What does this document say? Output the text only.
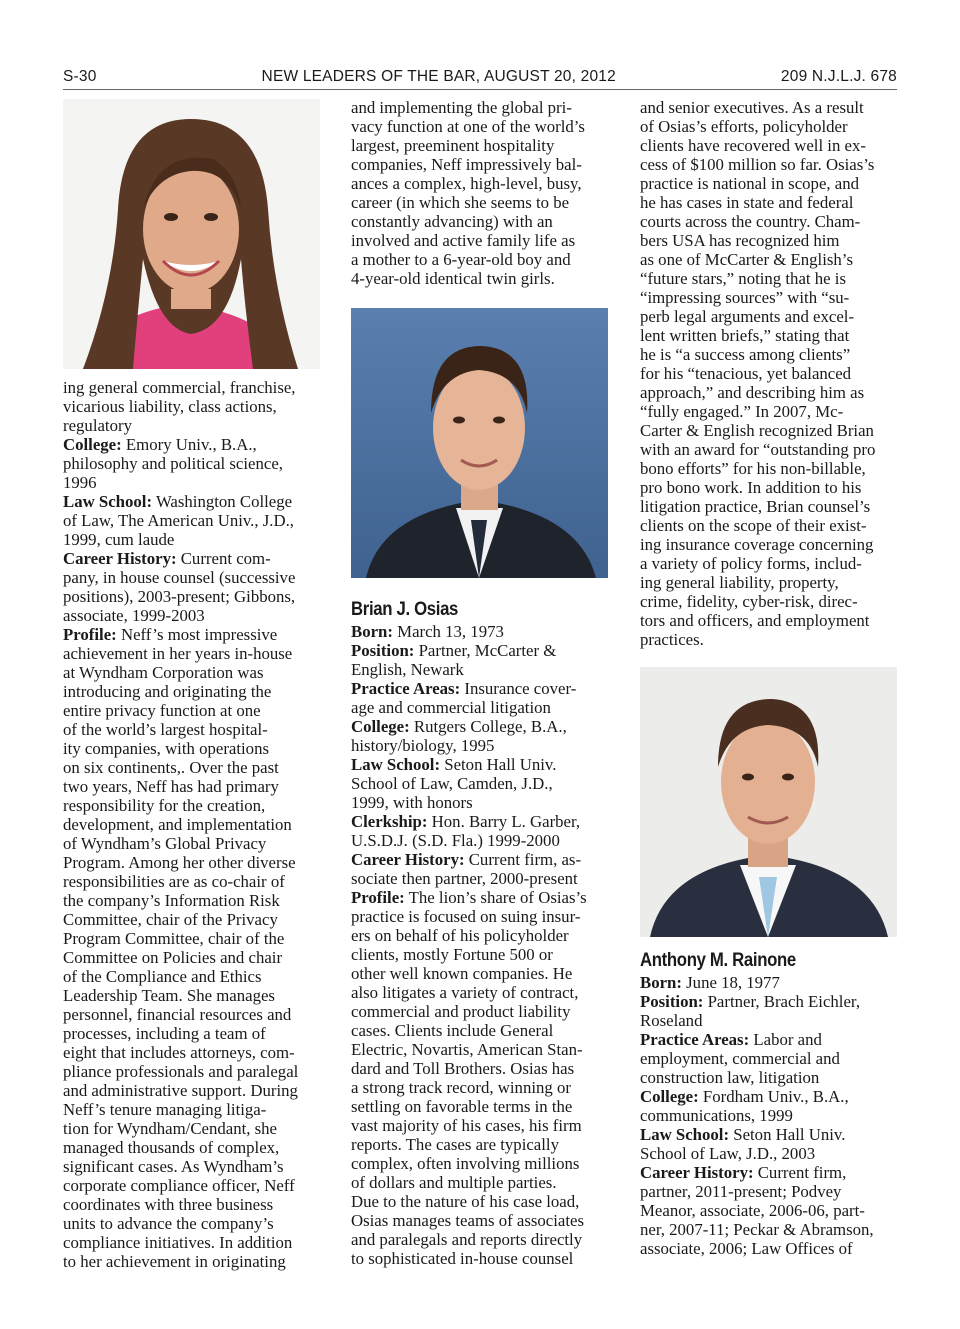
S-30	NEW LEADERS OF THE BAR, AUGUST 20, 2012	209 N.J.L.J. 678
ing general commercial, franchise,
vicarious liability, class actions,
regulatory
College: Emory Univ., B.A.,
philosophy and political science,
1996
Law School: Washington College
of Law, The American Univ., J.D.,
1999, cum laude
Career History: Current com-
pany, in house counsel (successive
positions), 2003-present; Gibbons,
associate, 1999-2003
Profile: Neff’s most impressive
achievement in her years in-house
at Wyndham Corporation was
introducing and originating the
entire privacy function at one
of the world’s largest hospital-
ity companies, with operations
on six continents,. Over the past
two years, Neff has had primary
responsibility for the creation,
development, and implementation
of Wyndham’s Global Privacy
Program. Among her other diverse
responsibilities are as co-chair of
the company’s Information Risk
Committee, chair of the Privacy
Program Committee, chair of the
Committee on Policies and chair
of the Compliance and Ethics
Leadership Team. She manages
personnel, financial resources and
processes, including a team of
eight that includes attorneys, com-
pliance professionals and paralegal
and administrative support. During
Neff’s tenure managing litiga-
tion for Wyndham/Cendant, she
managed thousands of complex,
significant cases. As Wyndham’s
corporate compliance officer, Neff
coordinates with three business
units to advance the company’s
compliance initiatives. In addition
to her achievement in originating
and implementing the global pri-
vacy function at one of the world’s
largest, preeminent hospitality
companies, Neff impressively bal-
ances a complex, high-level, busy,
career (in which she seems to be
constantly advancing) with an
involved and active family life as
a mother to a 6-year-old boy and
4-year-old identical twin girls.
Brian J. Osias
Born: March 13, 1973
Position: Partner, McCarter &
English, Newark
Practice Areas: Insurance cover-
age and commercial litigation
College: Rutgers College, B.A.,
history/biology, 1995
Law School: Seton Hall Univ.
School of Law, Camden, J.D.,
1999, with honors
Clerkship: Hon. Barry L. Garber,
U.S.D.J. (S.D. Fla.) 1999-2000
Career History: Current firm, as-
sociate then partner, 2000-present
Profile: The lion’s share of Osias’s
practice is focused on suing insur-
ers on behalf of his policyholder
clients, mostly Fortune 500 or
other well known companies. He
also litigates a variety of contract,
commercial and product liability
cases. Clients include General
Electric, Novartis, American Stan-
dard and Toll Brothers. Osias has
a strong track record, winning or
settling on favorable terms in the
vast majority of his cases, his firm
reports. The cases are typically
complex, often involving millions
of dollars and multiple parties.
Due to the nature of his case load,
Osias manages teams of associates
and paralegals and reports directly
to sophisticated in-house counsel
and senior executives. As a result
of Osias’s efforts, policyholder
clients have recovered well in ex-
cess of $100 million so far. Osias’s
practice is national in scope, and
he has cases in state and federal
courts across the country. Cham-
bers USA has recognized him
as one of McCarter & English’s
“future stars,” noting that he is
“impressing sources” with “su-
perb legal arguments and excel-
lent written briefs,” stating that
he is “a success among clients”
for his “tenacious, yet balanced
approach,” and describing him as
“fully engaged.” In 2007, Mc-
Carter & English recognized Brian
with an award for “outstanding pro
bono efforts” for his non-billable,
pro bono work. In addition to his
litigation practice, Brian counsel’s
clients on the scope of their exist-
ing insurance coverage concerning
a variety of policy forms, includ-
ing general liability, property,
crime, fidelity, cyber-risk, direc-
tors and officers, and employment
practices.
Anthony M. Rainone
Born: June 18, 1977
Position: Partner, Brach Eichler,
Roseland
Practice Areas: Labor and
employment, commercial and
construction law, litigation
College: Fordham Univ., B.A.,
communications, 1999
Law School: Seton Hall Univ.
School of Law, J.D., 2003
Career History: Current firm,
partner, 2011-present; Podvey
Meanor, associate, 2006-06, part-
ner, 2007-11; Peckar & Abramson,
associate, 2006; Law Offices of
